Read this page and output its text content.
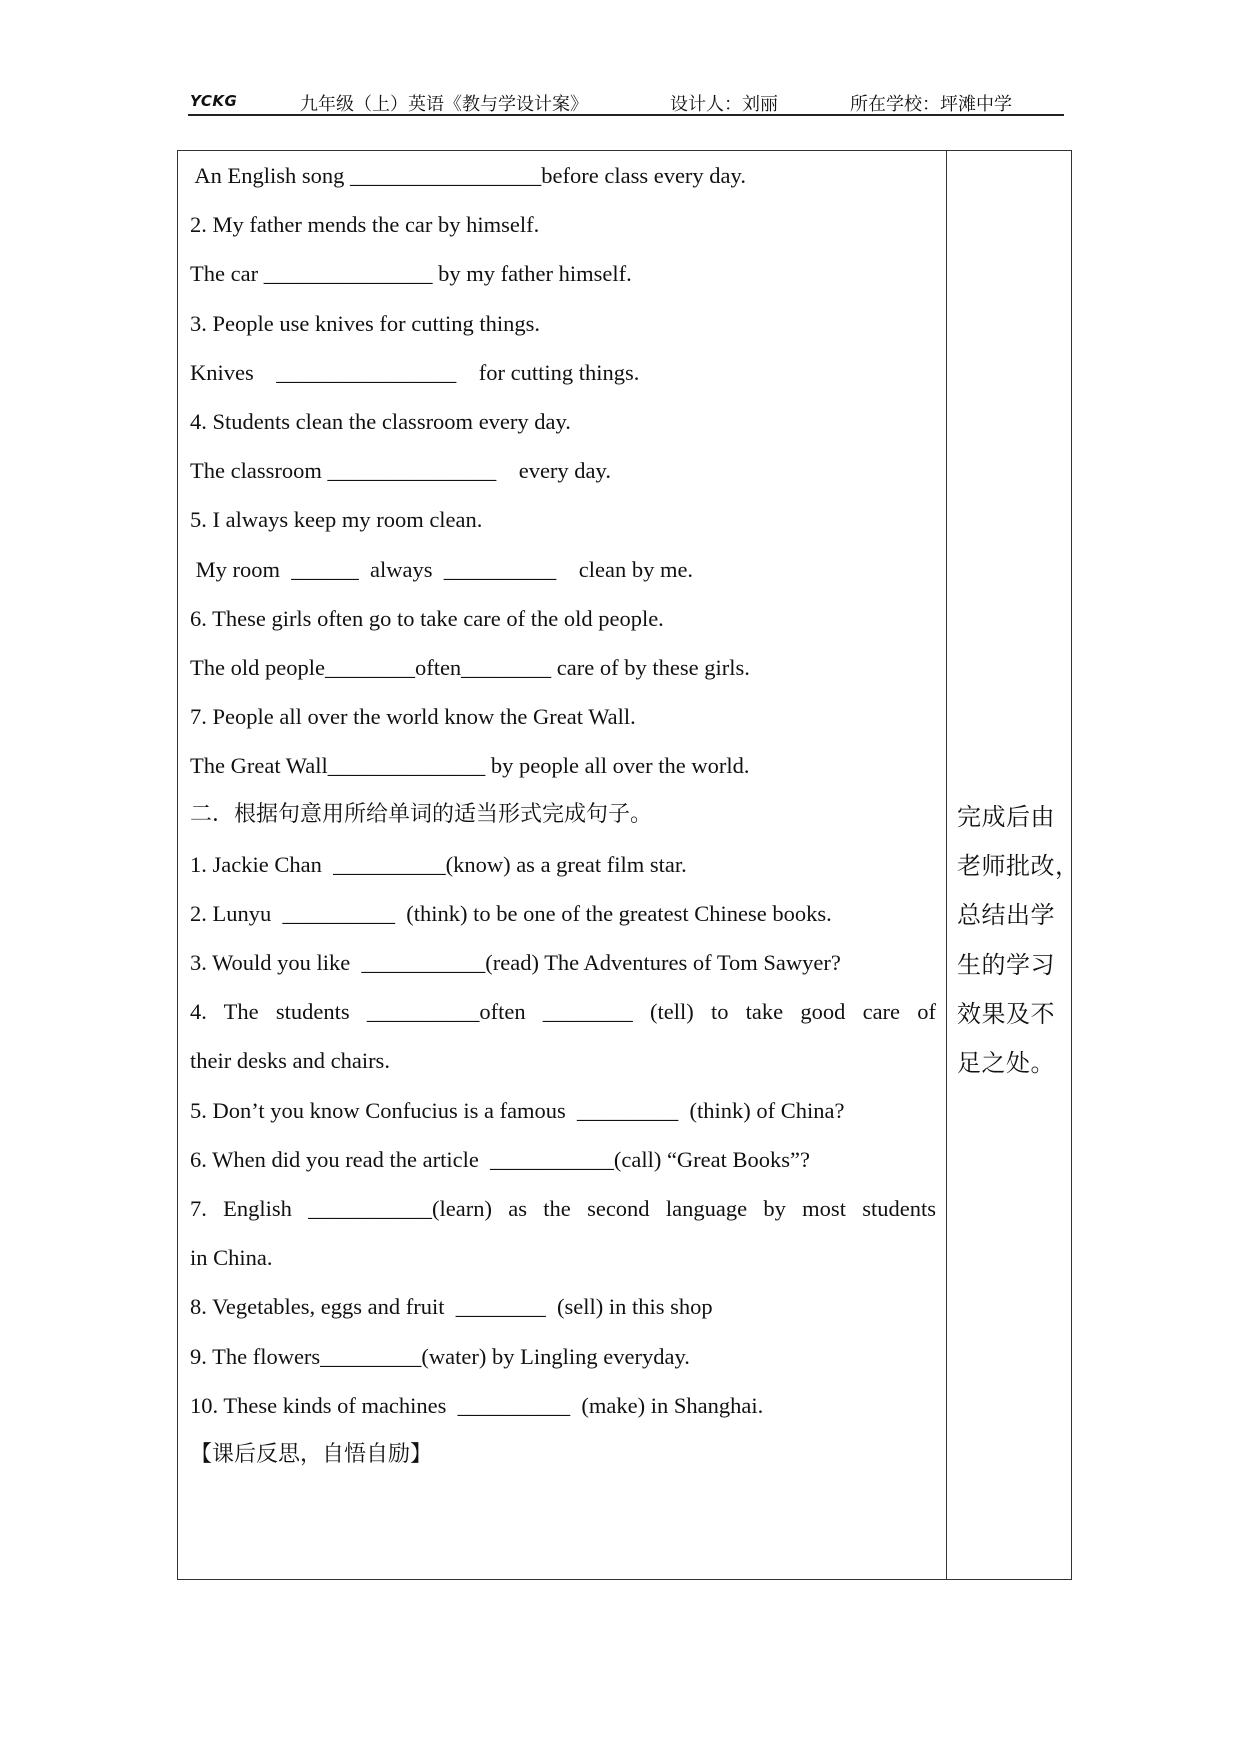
YCKG	九年级（上）英语《教与学设计案》	设计人：刘丽	所在学校：坪滩中学
An English song _________________before class every day.
2. My father mends the car by himself.
The car _______________ by my father himself.
3. People use knives for cutting things.
Knives    ________________    for cutting things.
4. Students clean the classroom every day.
The classroom _______________    every day.
5. I always keep my room clean.
My room  ______  always  __________    clean by me.
6. These girls often go to take care of the old people.
The old people________often________ care of by these girls.
7. People all over the world know the Great Wall.
The Great Wall______________ by people all over the world.
二．根据句意用所给单词的适当形式完成句子。
1. Jackie Chan  __________(know) as a great film star.
2. Lunyu  __________  (think) to be one of the greatest Chinese books.
3. Would you like  ___________(read) The Adventures of Tom Sawyer?
4. The students __________often ________ (tell) to take good care of
their desks and chairs.
5. Don’t you know Confucius is a famous  _________  (think) of China?
6. When did you read the article  ___________(call) “Great Books”?
7. English ___________(learn) as the second language by most students
in China.
8. Vegetables, eggs and fruit  ________  (sell) in this shop
9. The flowers_________(water) by Lingling everyday.
10. These kinds of machines  __________  (make) in Shanghai.
【课后反思，自悟自励】
完成后由
老师批改，
总结出学
生的学习
效果及不
足之处。
